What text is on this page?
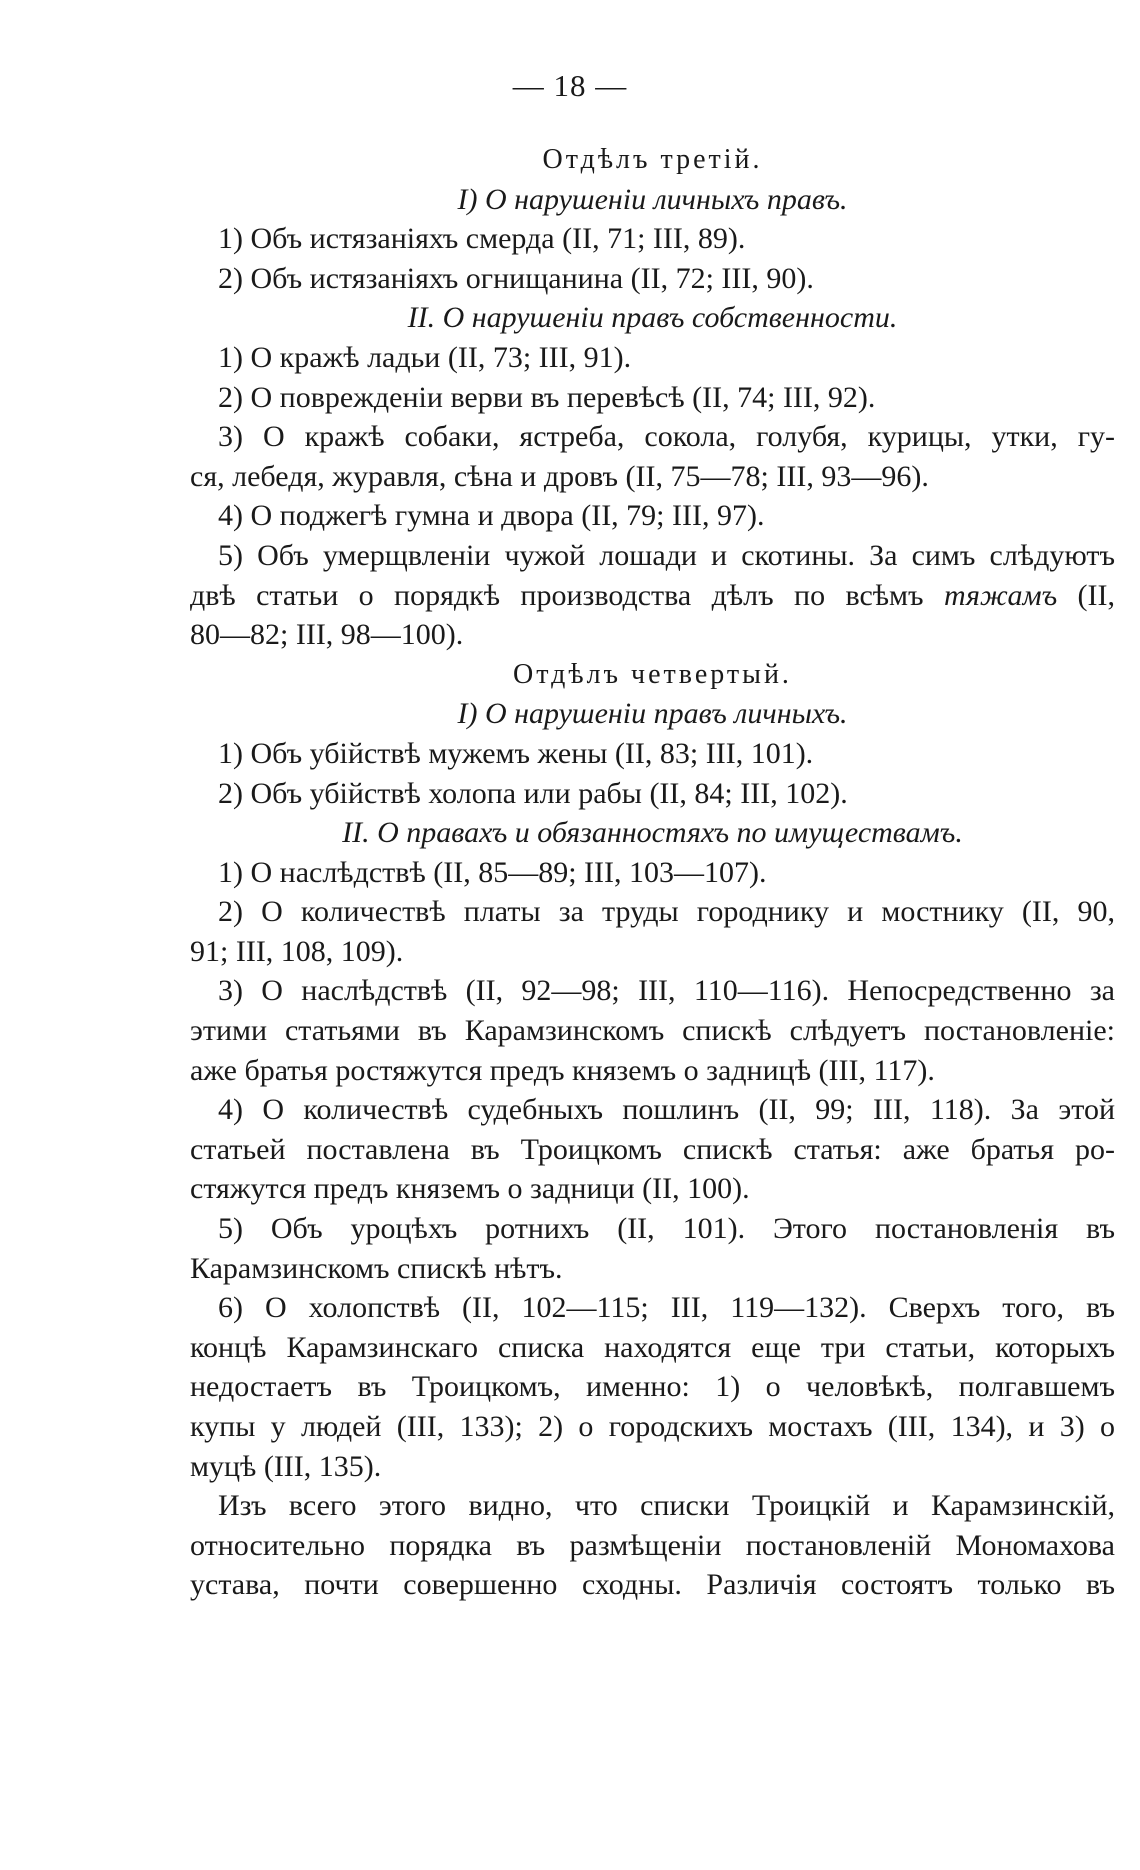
— 18 —
Отдѣлъ третій.
I) О нарушеніи личныхъ правъ.
1) Объ истязаніяхъ смерда (II, 71; III, 89).
2) Объ истязаніяхъ огнищанина (II, 72; III, 90).
II. О нарушеніи правъ собственности.
1) О кражѣ ладьи (II, 73; III, 91).
2) О поврежденіи верви въ перевѣсѣ (II, 74; III, 92).
3) О кражѣ собаки, ястреба, сокола, голубя, курицы, утки, гу-
ся, лебедя, журавля, сѣна и дровъ (II, 75—78; III, 93—96).
4) О поджегѣ гумна и двора (II, 79; III, 97).
5) Объ умерщвленіи чужой лошади и скотины. За симъ слѣдуютъ
двѣ статьи о порядкѣ производства дѣлъ по всѣмъ тяжамъ (II,
80—82; III, 98—100).
Отдѣлъ четвертый.
I) О нарушеніи правъ личныхъ.
1) Объ убійствѣ мужемъ жены (II, 83; III, 101).
2) Объ убійствѣ холопа или рабы (II, 84; III, 102).
II. О правахъ и обязанностяхъ по имуществамъ.
1) О наслѣдствѣ (II, 85—89; III, 103—107).
2) О количествѣ платы за труды городнику и мостнику (II, 90,
91; III, 108, 109).
3) О наслѣдствѣ (II, 92—98; III, 110—116). Непосредственно за
этими статьями въ Карамзинскомъ спискѣ слѣдуетъ постановленіе:
аже братья ростяжутся предъ княземъ о задницѣ (III, 117).
4) О количествѣ судебныхъ пошлинъ (II, 99; III, 118). За этой
статьей поставлена въ Троицкомъ спискѣ статья: аже братья ро-
стяжутся предъ княземъ о задници (II, 100).
5) Объ уроцѣхъ ротнихъ (II, 101). Этого постановленія въ
Карамзинскомъ спискѣ нѣтъ.
6) О холопствѣ (II, 102—115; III, 119—132). Сверхъ того, въ
концѣ Карамзинскаго списка находятся еще три статьи, которыхъ
недостаетъ въ Троицкомъ, именно: 1) о человѣкѣ, полгавшемъ
купы у людей (III, 133); 2) о городскихъ мостахъ (III, 134), и 3) о
муцѣ (III, 135).
Изъ всего этого видно, что списки Троицкій и Карамзинскій,
относительно порядка въ размѣщеніи постановленій Мономахова
устава, почти совершенно сходны. Различія состоятъ только въ
